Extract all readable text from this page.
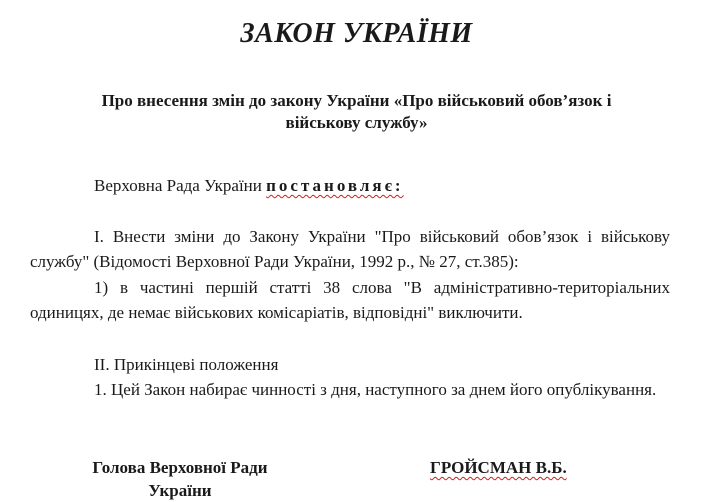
ЗАКОН УКРАЇНИ
Про внесення змін до закону України «Про військовий обов’язок і
військову службу»
Верховна Рада України постановляє:
І. Внести зміни до Закону України "Про військовий обов’язок і військову службу" (Відомості Верховної Ради України, 1992 р., № 27, ст.385):
1) в частині першій статті 38 слова "В адміністративно-територіальних одиницях, де немає військових комісаріатів, відповідні" виключити.
ІІ. Прикінцеві положення
1. Цей Закон набирає чинності з дня, наступного за днем його опублікування.
Голова Верховної Ради
України
ГРОЙСМАН В.Б.
